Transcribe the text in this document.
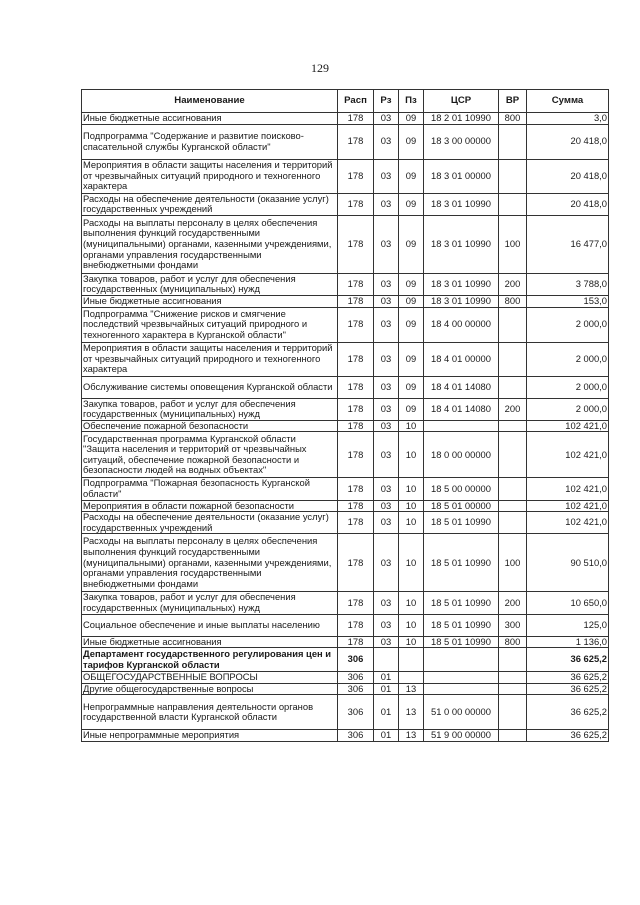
129
Наименование	Расп	Рз	Пз	ЦСР	ВР	Сумма
Иные бюджетные ассигнования	178	03	09	18 2 01 10990	800	3,0
Подпрограмма "Содержание и развитие поисково-спасательной службы Курганской области"	178	03	09	18 3 00 00000		20 418,0
Мероприятия в области защиты населения и территорий от чрезвычайных ситуаций природного и техногенного характера	178	03	09	18 3 01 00000		20 418,0
Расходы на обеспечение деятельности (оказание услуг) государственных учреждений	178	03	09	18 3 01 10990		20 418,0
Расходы на выплаты персоналу в целях обеспечения выполнения функций государственными (муниципальными) органами, казенными учреждениями, органами управления государственными внебюджетными фондами	178	03	09	18 3 01 10990	100	16 477,0
Закупка товаров, работ и услуг для обеспечения государственных (муниципальных) нужд	178	03	09	18 3 01 10990	200	3 788,0
Иные бюджетные ассигнования	178	03	09	18 3 01 10990	800	153,0
Подпрограмма "Снижение рисков и смягчение последствий чрезвычайных ситуаций природного и техногенного характера в Курганской области"	178	03	09	18 4 00 00000		2 000,0
Мероприятия в области защиты населения и территорий от чрезвычайных ситуаций природного и техногенного характера	178	03	09	18 4 01 00000		2 000,0
Обслуживание системы оповещения Курганской области	178	03	09	18 4 01 14080		2 000,0
Закупка товаров, работ и услуг для обеспечения государственных (муниципальных) нужд	178	03	09	18 4 01 14080	200	2 000,0
Обеспечение пожарной безопасности	178	03	10			102 421,0
Государственная программа Курганской области "Защита населения и территорий от чрезвычайных ситуаций, обеспечение пожарной безопасности и безопасности людей на водных объектах"	178	03	10	18 0 00 00000		102 421,0
Подпрограмма "Пожарная безопасность Курганской области"	178	03	10	18 5 00 00000		102 421,0
Мероприятия в области пожарной безопасности	178	03	10	18 5 01 00000		102 421,0
Расходы на обеспечение деятельности (оказание услуг) государственных учреждений	178	03	10	18 5 01 10990		102 421,0
Расходы на выплаты персоналу в целях обеспечения выполнения функций государственными (муниципальными) органами, казенными учреждениями, органами управления государственными внебюджетными фондами	178	03	10	18 5 01 10990	100	90 510,0
Закупка товаров, работ и услуг для обеспечения государственных (муниципальных) нужд	178	03	10	18 5 01 10990	200	10 650,0
Социальное обеспечение и иные выплаты населению	178	03	10	18 5 01 10990	300	125,0
Иные бюджетные ассигнования	178	03	10	18 5 01 10990	800	1 136,0
Департамент государственного регулирования цен и тарифов Курганской области	306					36 625,2
ОБЩЕГОСУДАРСТВЕННЫЕ ВОПРОСЫ	306	01				36 625,2
Другие общегосударственные вопросы	306	01	13			36 625,2
Непрограммные направления деятельности органов государственной власти Курганской области	306	01	13	51 0 00 00000		36 625,2
Иные непрограммные мероприятия	306	01	13	51 9 00 00000		36 625,2
